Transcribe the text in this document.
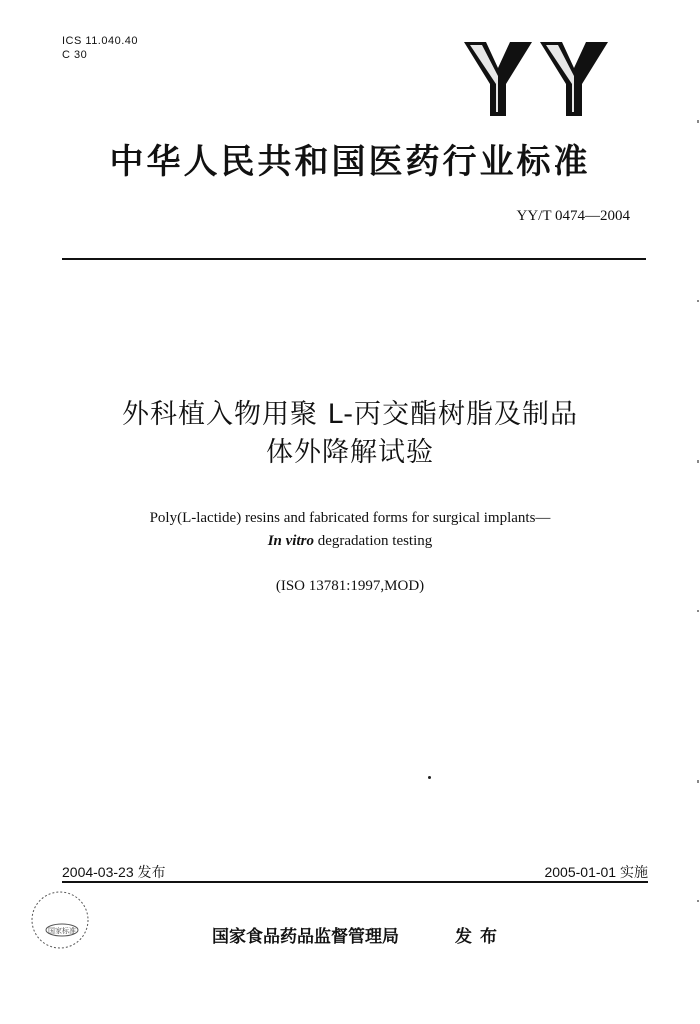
ICS 11.040.40
C 30
中华人民共和国医药行业标准
YY/T 0474—2004
外科植入物用聚 L-丙交酯树脂及制品
体外降解试验
Poly(L-lactide) resins and fabricated forms for surgical implants—
In vitro degradation testing
(ISO 13781:1997,MOD)
2004-03-23 发布	2005-01-01 实施
国家标准	国家食品药品监督管理局	发布
